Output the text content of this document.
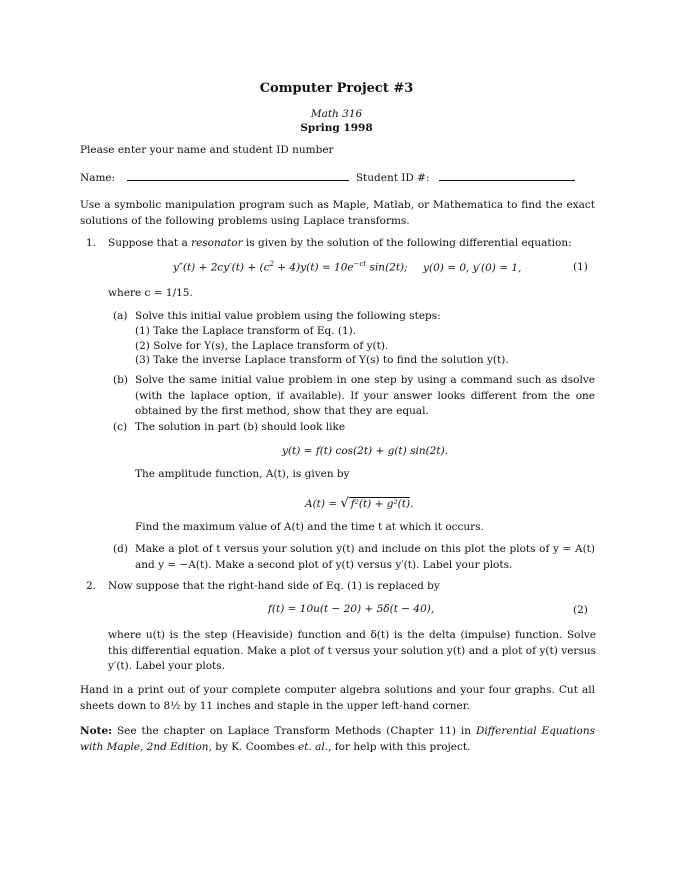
Computer Project #3
Math 316
Spring 1998
Please enter your name and student ID number
Name:	Student ID #:
Use a symbolic manipulation program such as Maple, Matlab, or Mathematica to find the exact solutions of the following problems using Laplace transforms.
1. Suppose that a resonator is given by the solution of the following differential equation:
$y''(t) + 2cy'(t) + (c^2 + 4)y(t) = 10e^{-ct}$ sin(2t); y(0) = 0, y′(0) = 1,	(1)
where c = 1/15.
(a) Solve this initial value problem using the following steps:
(1) Take the Laplace transform of Eq. (1).
(2) Solve for Y(s), the Laplace transform of y(t).
(3) Take the inverse Laplace transform of Y(s) to find the solution y(t).
(b) Solve the same initial value problem in one step by using a command such as dsolve (with the laplace option, if available). If your answer looks different from the one obtained by the first method, show that they are equal.
(c) The solution in part (b) should look like
y(t) = f(t) cos(2t) + g(t) sin(2t).
The amplitude function, A(t), is given by
A(t) = √ f²(t) + g²(t).
Find the maximum value of A(t) and the time t at which it occurs.
(d) Make a plot of t versus your solution y(t) and include on this plot the plots of y = A(t) and y = −A(t). Make a second plot of y(t) versus y′(t). Label your plots.
2. Now suppose that the right-hand side of Eq. (1) is replaced by
f(t) = 10u(t − 20) + 5δ(t − 40),	(2)
where u(t) is the step (Heaviside) function and δ(t) is the delta (impulse) function. Solve this differential equation. Make a plot of t versus your solution y(t) and a plot of y(t) versus y′(t). Label your plots.
Hand in a print out of your complete computer algebra solutions and your four graphs. Cut all sheets down to 8½ by 11 inches and staple in the upper left-hand corner.
Note: See the chapter on Laplace Transform Methods (Chapter 11) in Differential Equations with Maple, 2nd Edition, by K. Coombes et. al., for help with this project.
